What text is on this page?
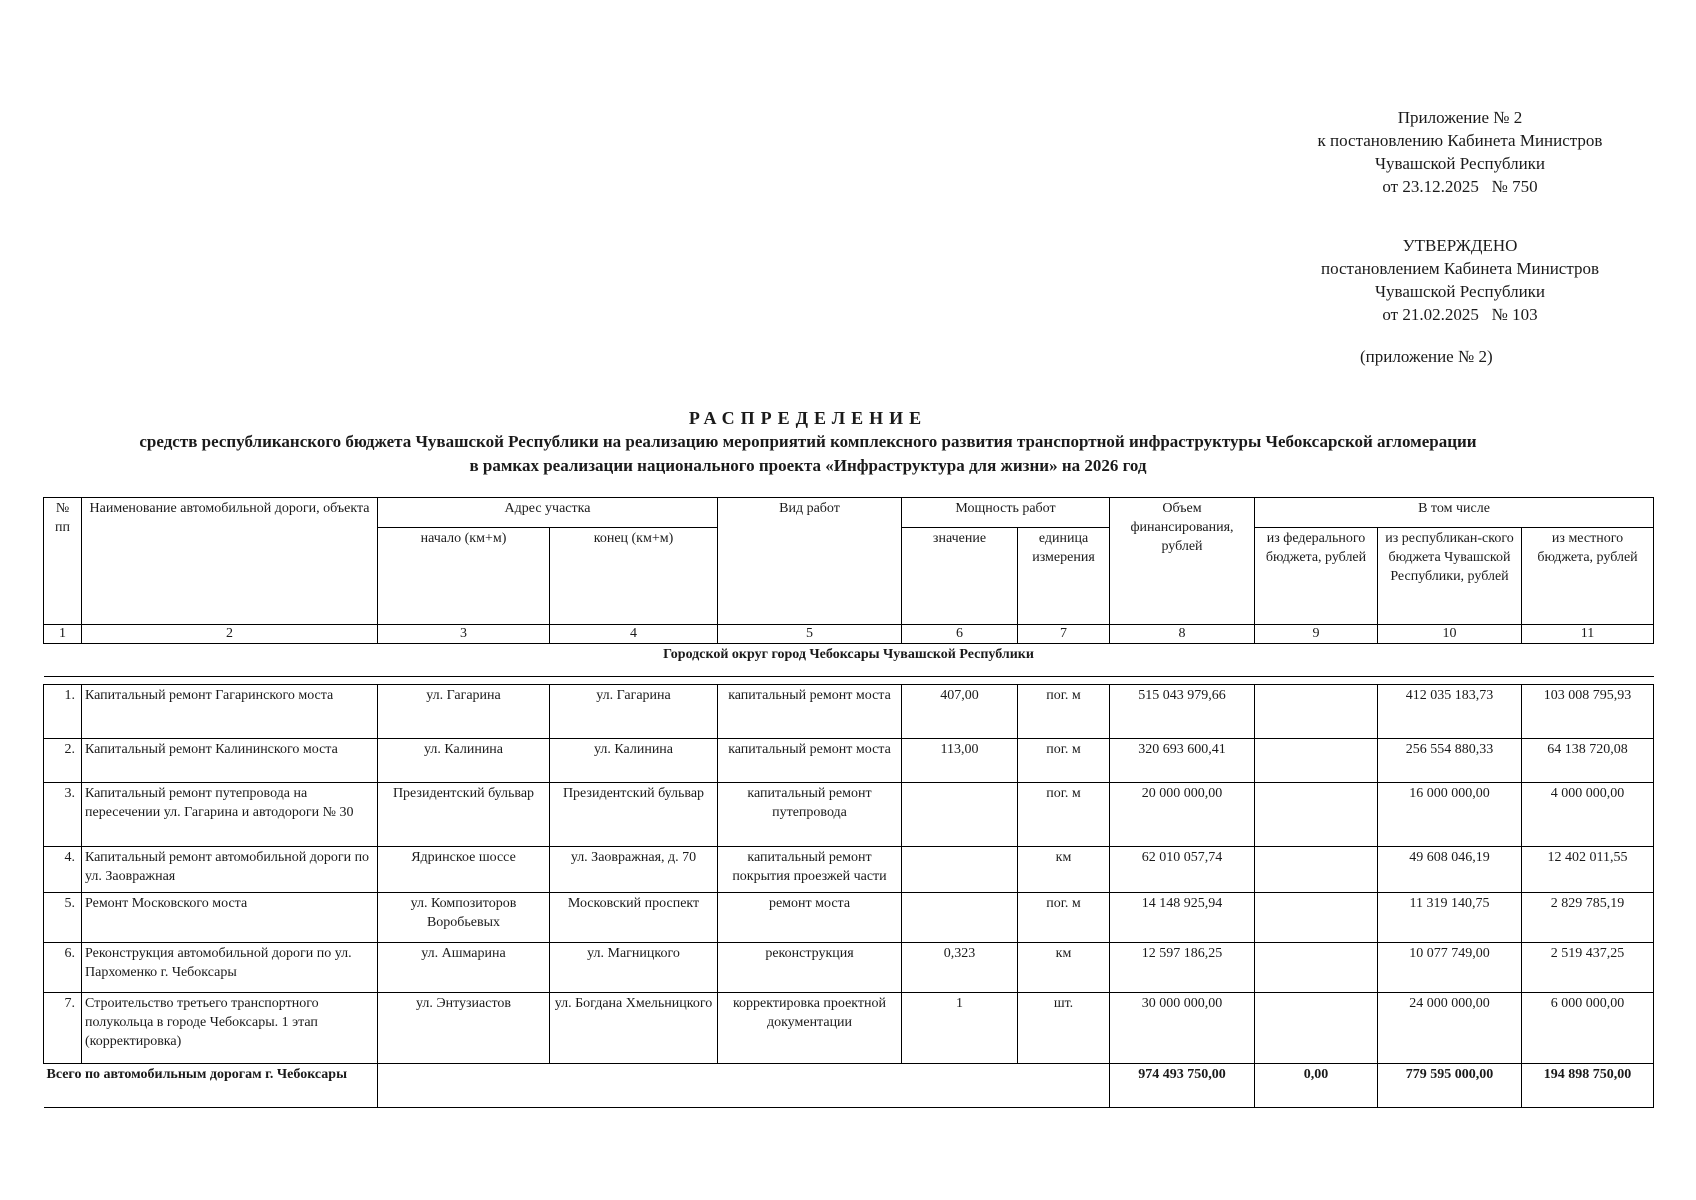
Приложение № 2
к постановлению Кабинета Министров
Чувашской Республики
от 23.12.2025   № 750
УТВЕРЖДЕНО
постановлением Кабинета Министров
Чувашской Республики
от 21.02.2025   № 103
(приложение № 2)
РАСПРЕДЕЛЕНИЕ
средств республиканского бюджета Чувашской Республики на реализацию мероприятий комплексного развития транспортной инфраструктуры Чебоксарской агломерации
в рамках реализации национального проекта «Инфраструктура для жизни» на 2026 год
№ пп	Наименование автомобильной дороги, объекта	Адрес участка		Вид работ	Мощность работ		Объем финансирования, рублей	В том числе		
		начало (км+м)	конец (км+м)		значение	единица измерения		из федерального бюджета, рублей	из республикан-ского бюджета Чувашской Республики, рублей	из местного бюджета, рублей
1	2	3	4	5	6	7	8	9	10	11
Городской округ город Чебоксары Чувашской Республики										

1.	Капитальный ремонт Гагаринского моста	ул. Гагарина	ул. Гагарина	капитальный ремонт моста	407,00	пог. м	515 043 979,66		412 035 183,73	103 008 795,93
2.	Капитальный ремонт Калининского моста	ул. Калинина	ул. Калинина	капитальный ремонт моста	113,00	пог. м	320 693 600,41		256 554 880,33	64 138 720,08
3.	Капитальный ремонт путепровода на пересечении ул. Гагарина и автодороги № 30	Президентский бульвар	Президентский бульвар	капитальный ремонт путепровода		пог. м	20 000 000,00		16 000 000,00	4 000 000,00
4.	Капитальный ремонт автомобильной дороги по ул. Заовражная	Ядринское шоссе	ул. Заовражная, д. 70	капитальный ремонт покрытия проезжей части		км	62 010 057,74		49 608 046,19	12 402 011,55
5.	Ремонт Московского моста	ул. Композиторов Воробьевых	Московский проспект	ремонт моста		пог. м	14 148 925,94		11 319 140,75	2 829 785,19
6.	Реконструкция автомобильной дороги по ул. Пархоменко г. Чебоксары	ул. Ашмарина	ул. Магницкого	реконструкция	0,323	км	12 597 186,25		10 077 749,00	2 519 437,25
7.	Строительство третьего транспортного полукольца в городе Чебоксары. 1 этап (корректировка)	ул. Энтузиастов	ул. Богдана Хмельницкого	корректировка проектной документации	1	шт.	30 000 000,00		24 000 000,00	6 000 000,00
Всего по автомобильным дорогам г. Чебоксары							974 493 750,00	0,00	779 595 000,00	194 898 750,00
